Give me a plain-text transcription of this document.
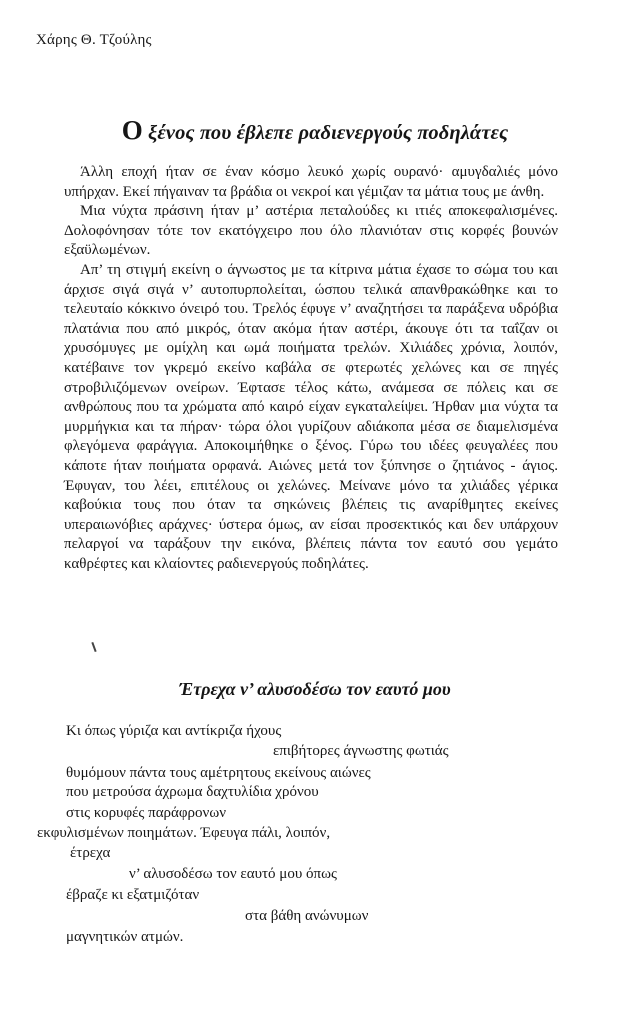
Χάρης Θ. Τζούλης
Ο ξένος που έβλεπε ραδιενεργούς ποδηλάτες

Άλλη εποχή ήταν σε έναν κόσμο λευκό χωρίς ουρανό· αμυγδαλιές μόνο υπήρχαν. Εκεί πήγαιναν τα βράδια οι νεκροί και γέμιζαν τα μάτια τους με άνθη.

Μια νύχτα πράσινη ήταν μ’ αστέρια πεταλούδες κι ιτιές αποκεφαλισμένες. Δολοφόνησαν τότε τον εκατόγχειρο που όλο πλανιόταν στις κορφές βουνών εξαϋλωμένων.

Απ’ τη στιγμή εκείνη ο άγνωστος με τα κίτρινα μάτια έχασε το σώμα του και άρχισε σιγά σιγά ν’ αυτοπυρπολείται, ώσπου τελικά απανθρακώθηκε και το τελευταίο κόκκινο όνειρό του. Τρελός έφυγε ν’ αναζητήσει τα παράξενα υδρόβια πλατάνια που από μικρός, όταν ακόμα ήταν αστέρι, άκουγε ότι τα ταΐζαν οι χρυσόμυγες με ομίχλη και ωμά ποιήματα τρελών. Χιλιάδες χρόνια, λοιπόν, κατέβαινε τον γκρεμό εκείνο καβάλα σε φτερωτές χελώνες και σε πηγές στροβιλιζόμενων ονείρων. Έφτασε τέλος κάτω, ανάμεσα σε πόλεις και σε ανθρώπους που τα χρώματα από καιρό είχαν εγκαταλείψει. Ήρθαν μια νύχτα τα μυρμήγκια και τα πήραν· τώρα όλοι γυρίζουν αδιάκοπα μέσα σε διαμελισμένα φλεγόμενα φαράγγια. Αποκοιμήθηκε ο ξένος. Γύρω του ιδέες φευγαλέες που κάποτε ήταν ποιήματα ορφανά. Αιώνες μετά τον ξύπνησε ο ζητιάνος - άγιος. Έφυγαν, του λέει, επιτέλους οι χελώνες. Μείνανε μόνο τα χιλιάδες γέρικα καβούκια τους που όταν τα σηκώνεις βλέπεις τις αναρίθμητες εκείνες υπεραιωνόβιες αράχνες· ύστερα όμως, αν είσαι προσεκτικός και δεν υπάρχουν πελαργοί να ταράξουν την εικόνα, βλέπεις πάντα τον εαυτό σου γεμάτο καθρέφτες και κλαίοντες ραδιενεργούς ποδηλάτες.

Έτρεχα ν’ αλυσοδέσω τον εαυτό μου
Κι όπως γύριζα και αντίκριζα ήχους
επιβήτορες άγνωστης φωτιάς
θυμόμουν πάντα τους αμέτρητους εκείνους αιώνες
που μετρούσα άχρωμα δαχτυλίδια χρόνου
στις κορυφές παράφρονων
εκφυλισμένων ποιημάτων. Έφευγα πάλι, λοιπόν,
έτρεχα
ν’ αλυσοδέσω τον εαυτό μου όπως
έβραζε κι εξατμιζόταν
στα βάθη ανώνυμων
μαγνητικών ατμών.
